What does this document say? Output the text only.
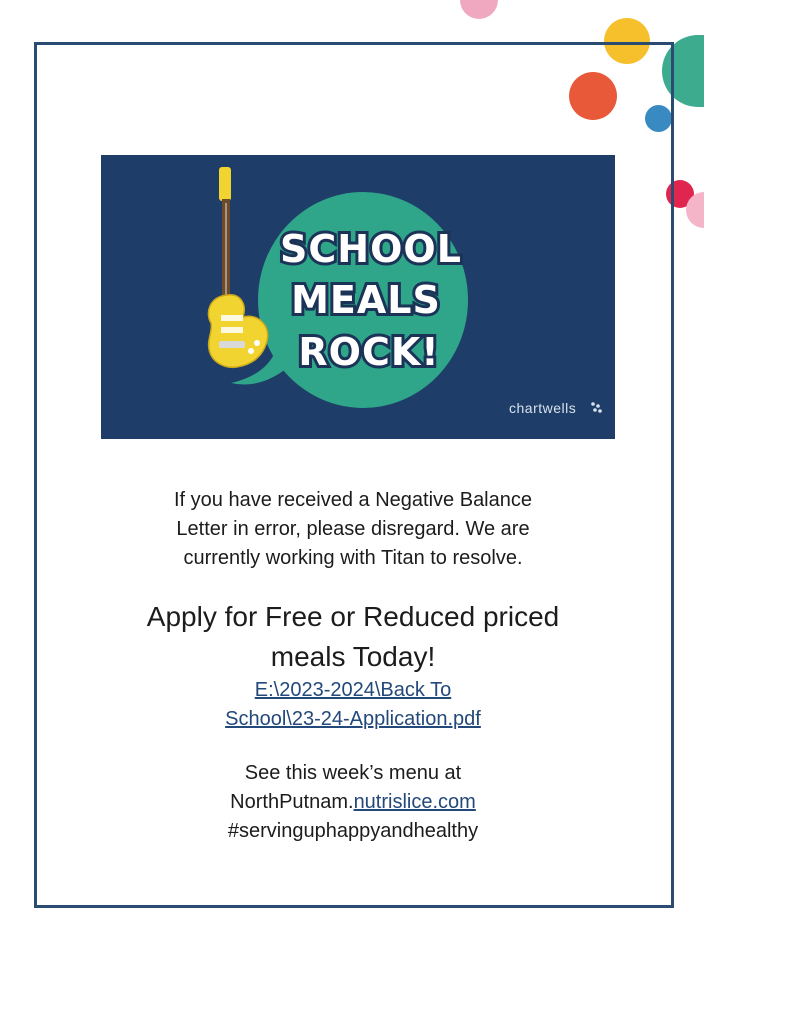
SCHOOL
MEALS
ROCK!
chartwells
If you have received a Negative Balance
Letter in error, please disregard. We are
currently working with Titan to resolve.
Apply for Free or Reduced priced
meals Today!
E:\2023-2024\Back To
School\23-24-Application.pdf
See this week’s menu at
NorthPutnam.nutrislice.com
#servinguphappyandhealthy
